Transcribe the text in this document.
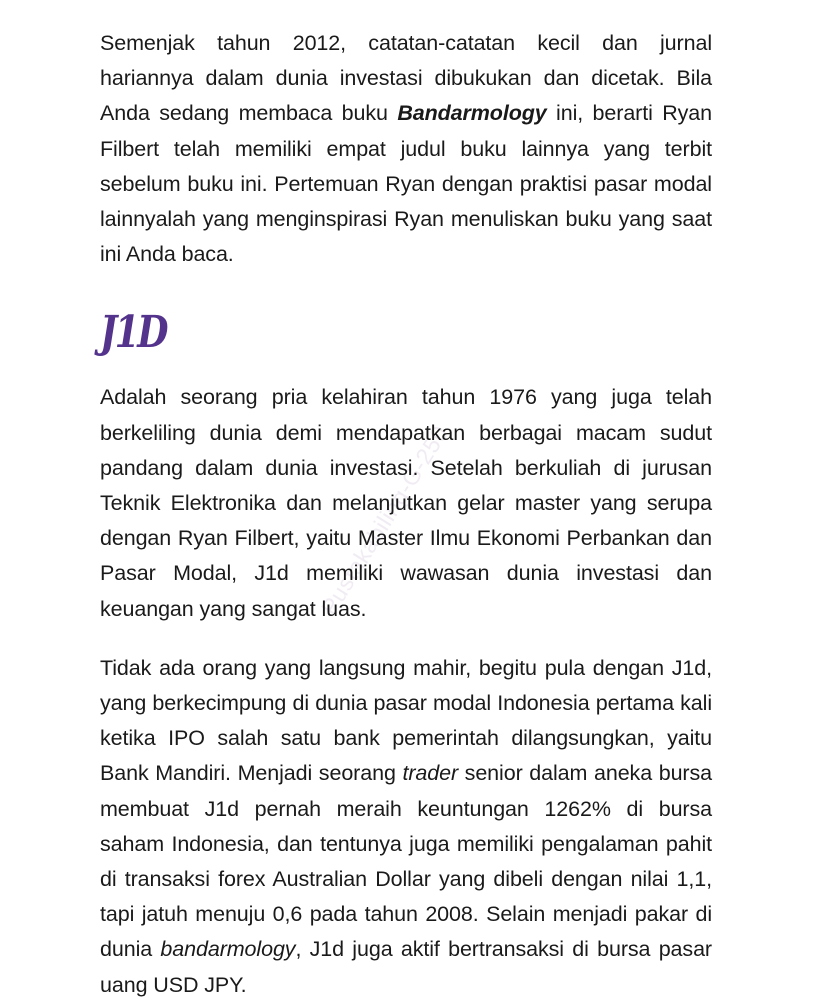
Pustakabiling-G-250

Semenjak tahun 2012, catatan-catatan kecil dan jurnal hariannya dalam dunia investasi dibukukan dan dicetak. Bila Anda sedang membaca buku Bandarmology ini, berarti Ryan Filbert telah memiliki empat judul buku lainnya yang terbit sebelum buku ini. Pertemuan Ryan dengan praktisi pasar modal lainnyalah yang menginspirasi Ryan menuliskan buku yang saat ini Anda baca.

J1D

Adalah seorang pria kelahiran tahun 1976 yang juga telah berkeliling dunia demi mendapatkan berbagai macam sudut pandang dalam dunia investasi. Setelah berkuliah di jurusan Teknik Elektronika dan melanjutkan gelar master yang serupa dengan Ryan Filbert, yaitu Master Ilmu Ekonomi Perbankan dan Pasar Modal, J1d memiliki wawasan dunia investasi dan keuangan yang sangat luas.

Tidak ada orang yang langsung mahir, begitu pula dengan J1d, yang berkecimpung di dunia pasar modal Indonesia pertama kali ketika IPO salah satu bank pemerintah dilangsungkan, yaitu Bank Mandiri. Menjadi seorang trader senior dalam aneka bursa membuat J1d pernah meraih keuntungan 1262% di bursa saham Indonesia, dan tentunya juga memiliki pengalaman pahit di transaksi forex Australian Dollar yang dibeli dengan nilai 1,1, tapi jatuh menuju 0,6 pada tahun 2008. Selain menjadi pakar di dunia bandarmology, J1d juga aktif bertransaksi di bursa pasar uang USD JPY.
